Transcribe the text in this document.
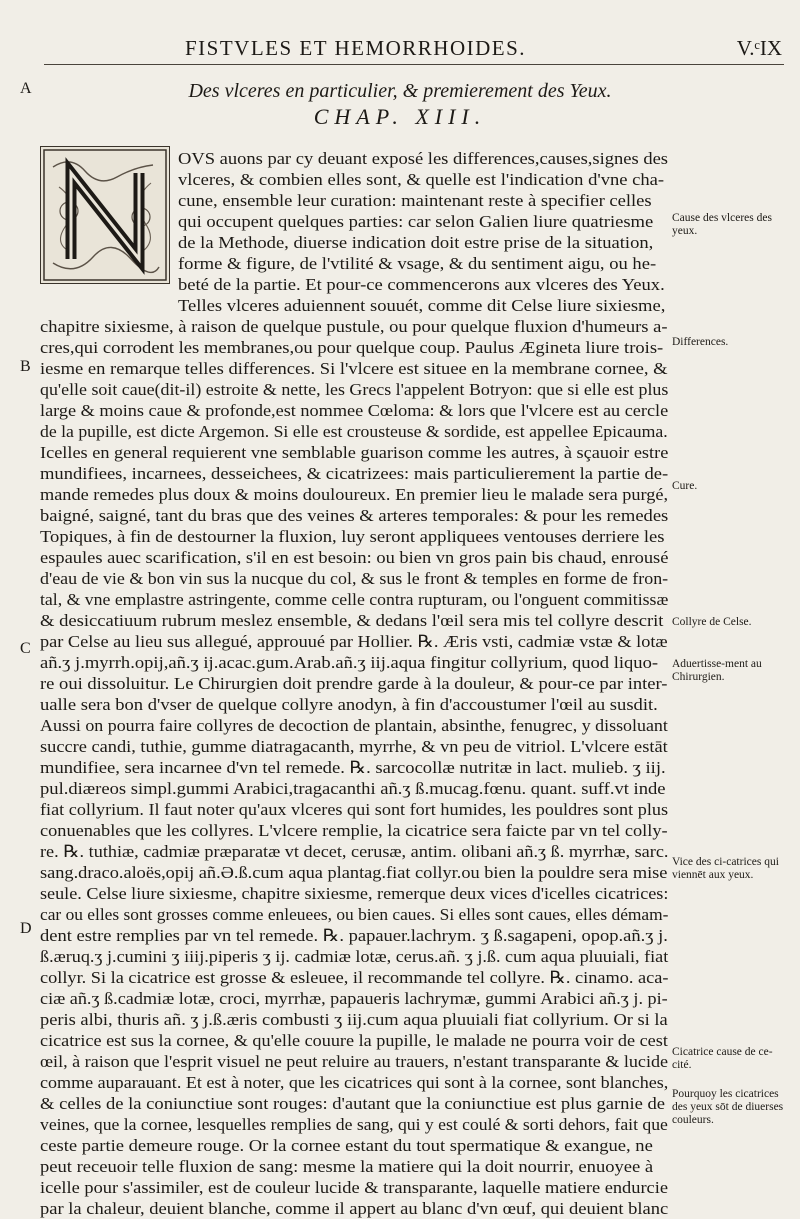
FISTVLES ET HEMORRHOIDES.	V.ᶜIX
A
B
C
D
Des vlceres en particulier, & premierement des Yeux.
CHAP. XIII.
OVS auons par cy deuant exposé les differences,causes,signes des
vlceres, & combien elles sont, & quelle est l'indication d'vne cha-
cune, ensemble leur curation: maintenant reste à specifier celles
qui occupent quelques parties: car selon Galien liure quatriesme
de la Methode, diuerse indication doit estre prise de la situation,
forme & figure, de l'vtilité & vsage, & du sentiment aigu, ou he-
beté de la partie. Et pour-ce commencerons aux vlceres des Yeux.
Telles vlceres aduiennent souuét, comme dit Celse liure sixiesme,
chapitre sixiesme, à raison de quelque pustule, ou pour quelque fluxion d'humeurs a-
cres,qui corrodent les membranes,ou pour quelque coup. Paulus Ægineta liure trois-
iesme en remarque telles differences. Si l'vlcere est situee en la membrane cornee, &
qu'elle soit caue(dit-il) estroite & nette, les Grecs l'appelent Botryon: que si elle est plus
large & moins caue & profonde,est nommee Cœloma: & lors que l'vlcere est au cercle
de la pupille, est dicte Argemon. Si elle est crousteuse & sordide, est appellee Epicauma.
Icelles en general requierent vne semblable guarison comme les autres, à sçauoir estre
mundifiees, incarnees, desseichees, & cicatrizees: mais particulierement la partie de-
mande remedes plus doux & moins douloureux. En premier lieu le malade sera purgé,
baigné, saigné, tant du bras que des veines & arteres temporales: & pour les remedes
Topiques, à fin de destourner la fluxion, luy seront appliquees ventouses derriere les
espaules auec scarification, s'il en est besoin: ou bien vn gros pain bis chaud, enrousé
d'eau de vie & bon vin sus la nucque du col, & sus le front & temples en forme de fron-
tal, & vne emplastre astringente, comme celle contra rupturam, ou l'onguent commitissæ
& desiccatiuum rubrum meslez ensemble, & dedans l'œil sera mis tel collyre descrit
par Celse au lieu sus allegué, approuué par Hollier. ℞. Æris vsti, cadmiæ vstæ & lotæ
añ.ʒ j.myrrh.opij,añ.ʒ ij.acac.gum.Arab.añ.ʒ iij.aqua fingitur collyrium, quod liquo-
re oui dissoluitur. Le Chirurgien doit prendre garde à la douleur, & pour-ce par inter-
ualle sera bon d'vser de quelque collyre anodyn, à fin d'accoustumer l'œil au susdit.
Aussi on pourra faire collyres de decoction de plantain, absinthe, fenugrec, y dissoluant
succre candi, tuthie, gumme diatragacanth, myrrhe, & vn peu de vitriol. L'vlcere estāt
mundifiee, sera incarnee d'vn tel remede. ℞. sarcocollæ nutritæ in lact. mulieb. ʒ iij.
pul.diæreos simpl.gummi Arabici,tragacanthi añ.ʒ ß.mucag.fœnu. quant. suff.vt inde
fiat collyrium. Il faut noter qu'aux vlceres qui sont fort humides, les pouldres sont plus
conuenables que les collyres. L'vlcere remplie, la cicatrice sera faicte par vn tel colly-
re. ℞. tuthiæ, cadmiæ præparatæ vt decet, cerusæ, antim. olibani añ.ʒ ß. myrrhæ, sarc.
sang.draco.aloës,opij añ.Ə.ß.cum aqua plantag.fiat collyr.ou bien la pouldre sera mise
seule. Celse liure sixiesme, chapitre sixiesme, remerque deux vices d'icelles cicatrices:
car ou elles sont grosses comme enleuees, ou bien caues. Si elles sont caues, elles démam-
dent estre remplies par vn tel remede. ℞. papauer.lachrym. ʒ ß.sagapeni, opop.añ.ʒ j.
ß.æruq.ʒ j.cumini ʒ iiij.piperis ʒ ij. cadmiæ lotæ, cerus.añ. ʒ j.ß. cum aqua pluuiali, fiat
collyr. Si la cicatrice est grosse & esleuee, il recommande tel collyre. ℞. cinamo. aca-
ciæ añ.ʒ ß.cadmiæ lotæ, croci, myrrhæ, papaueris lachrymæ, gummi Arabici añ.ʒ j. pi-
peris albi, thuris añ. ʒ j.ß.æris combusti ʒ iij.cum aqua pluuiali fiat collyrium. Or si la
cicatrice est sus la cornee, & qu'elle couure la pupille, le malade ne pourra voir de cest
œil, à raison que l'esprit visuel ne peut reluire au trauers, n'estant transparante & lucide
comme auparauant. Et est à noter, que les cicatrices qui sont à la cornee, sont blanches,
& celles de la coniunctiue sont rouges: d'autant que la coniunctiue est plus garnie de
veines, que la cornee, lesquelles remplies de sang, qui y est coulé & sorti dehors, fait que
ceste partie demeure rouge. Or la cornee estant du tout spermatique & exangue, ne
peut receuoir telle fluxion de sang: mesme la matiere qui la doit nourrir, enuoyee à
icelle pour s'assimiler, est de couleur lucide & transparante, laquelle matiere endurcie
par la chaleur, deuient blanche, comme il appert au blanc d'vn œuf, qui deuient blanc
Cause des vlceres des yeux.
Differences.
Cure.
Collyre de Celse.
Aduertisse-ment au Chirurgien.
Vice des ci-catrices qui viennēt aux yeux.
Cicatrice cause de ce-cité.
Pourquoy les cicatrices des yeux sōt de diuerses couleurs.
